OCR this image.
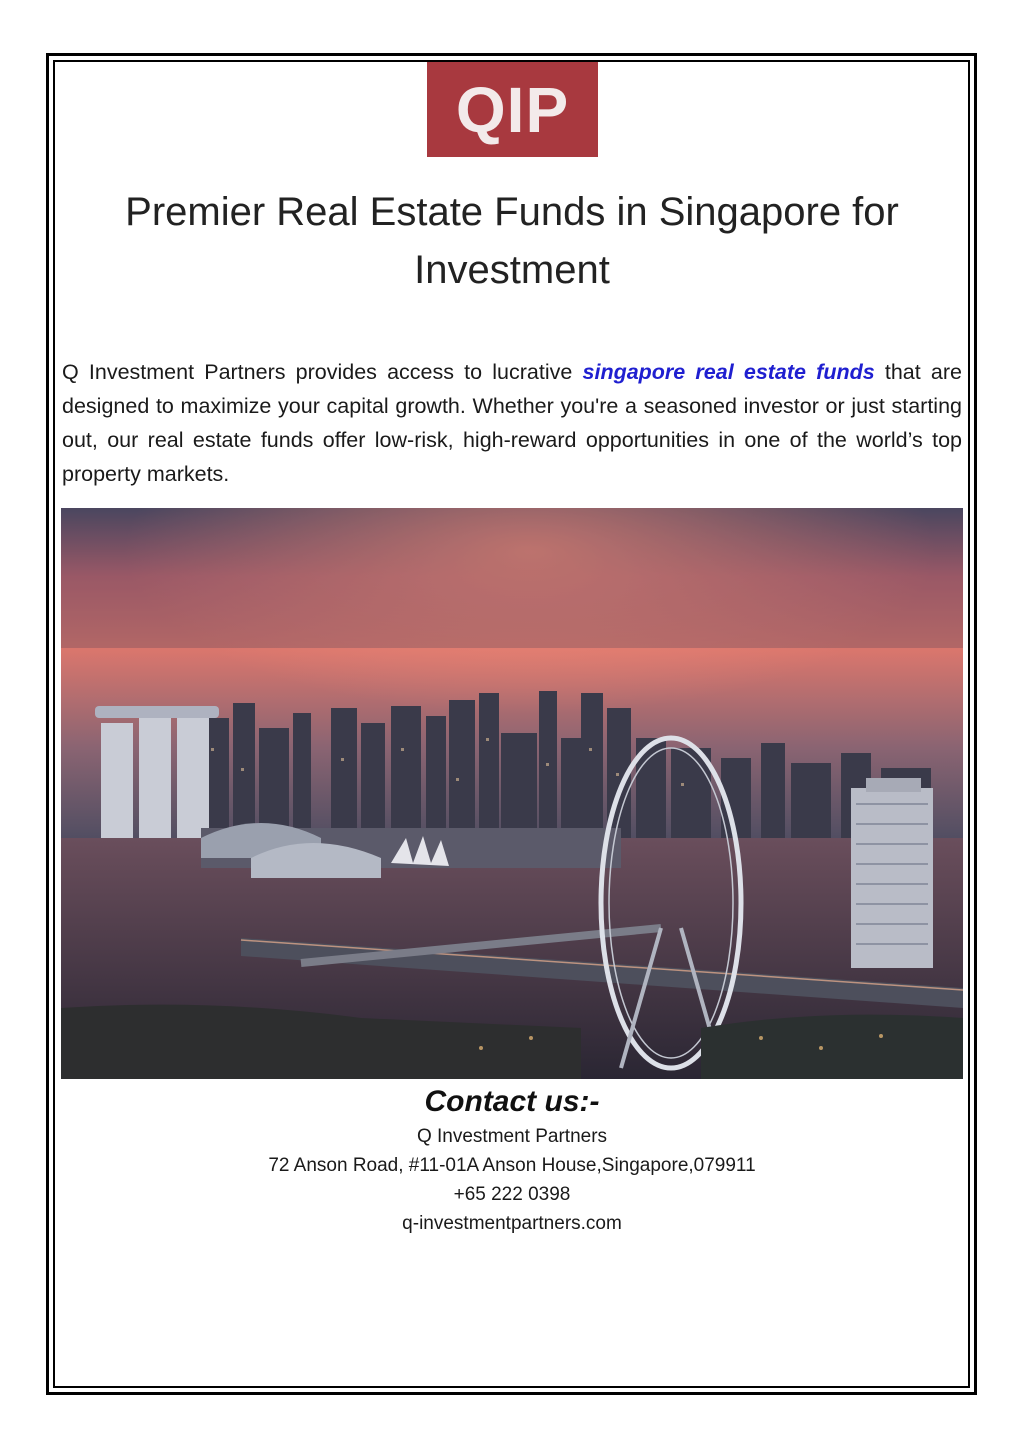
QIP
Premier Real Estate Funds in Singapore for Investment
Q Investment Partners provides access to lucrative singapore real estate funds that are designed to maximize your capital growth. Whether you're a seasoned investor or just starting out, our real estate funds offer low-risk, high-reward opportunities in one of the world’s top property markets.
Contact us:-
Q Investment Partners
72 Anson Road, #11-01A Anson House,Singapore,079911
+65 222 0398
q-investmentpartners.com
